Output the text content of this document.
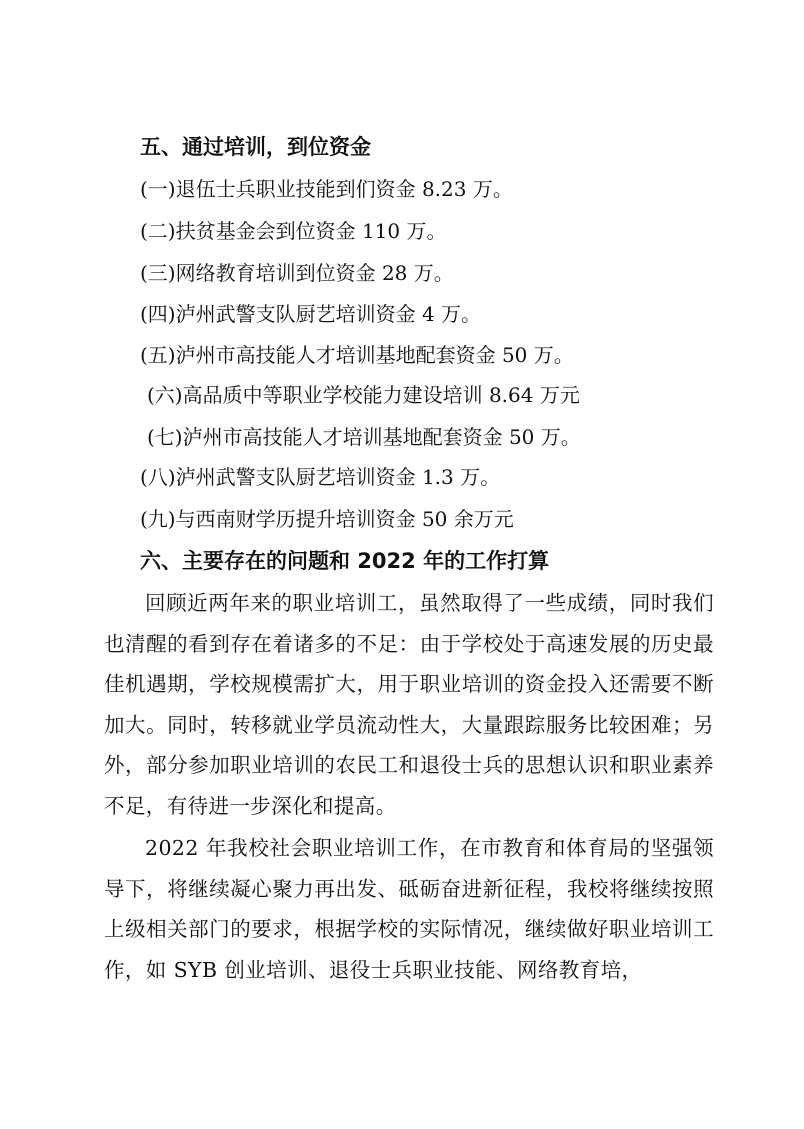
五、通过培训，到位资金
(一)退伍士兵职业技能到们资金 8.23 万。
(二)扶贫基金会到位资金 110 万。
(三)网络教育培训到位资金 28 万。
(四)泸州武警支队厨艺培训资金 4 万。
(五)泸州市高技能人才培训基地配套资金 50 万。
(六)高品质中等职业学校能力建设培训 8.64 万元
(七)泸州市高技能人才培训基地配套资金 50 万。
(八)泸州武警支队厨艺培训资金 1.3 万。
(九)与西南财学历提升培训资金 50 余万元
六、主要存在的问题和 2022 年的工作打算
回顾近两年来的职业培训工，虽然取得了一些成绩，同时我们也清醒的看到存在着诸多的不足：由于学校处于高速发展的历史最佳机遇期，学校规模需扩大，用于职业培训的资金投入还需要不断加大。同时，转移就业学员流动性大，大量跟踪服务比较困难；另外，部分参加职业培训的农民工和退役士兵的思想认识和职业素养不足，有待进一步深化和提高。
2022 年我校社会职业培训工作，在市教育和体育局的坚强领导下，将继续凝心聚力再出发、砥砺奋进新征程，我校将继续按照上级相关部门的要求，根据学校的实际情况，继续做好职业培训工作，如 SYB 创业培训、退役士兵职业技能、网络教育培，
